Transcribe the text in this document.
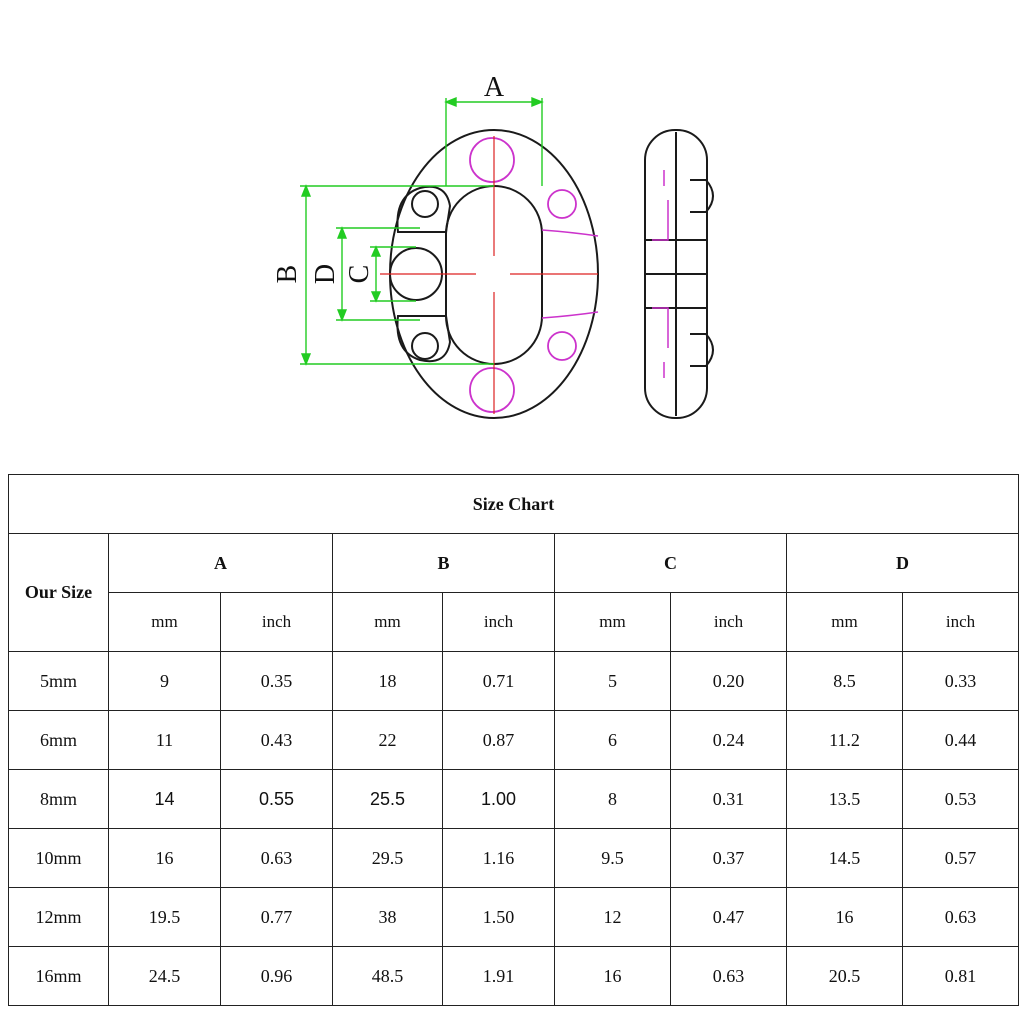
A
B D C
Size Chart								
Our Size	A		B		C		D	
	mm	inch	mm	inch	mm	inch	mm	inch
5mm	9	0.35	18	0.71	5	0.20	8.5	0.33
6mm	11	0.43	22	0.87	6	0.24	11.2	0.44
8mm	14	0.55	25.5	1.00	8	0.31	13.5	0.53
10mm	16	0.63	29.5	1.16	9.5	0.37	14.5	0.57
12mm	19.5	0.77	38	1.50	12	0.47	16	0.63
16mm	24.5	0.96	48.5	1.91	16	0.63	20.5	0.81
